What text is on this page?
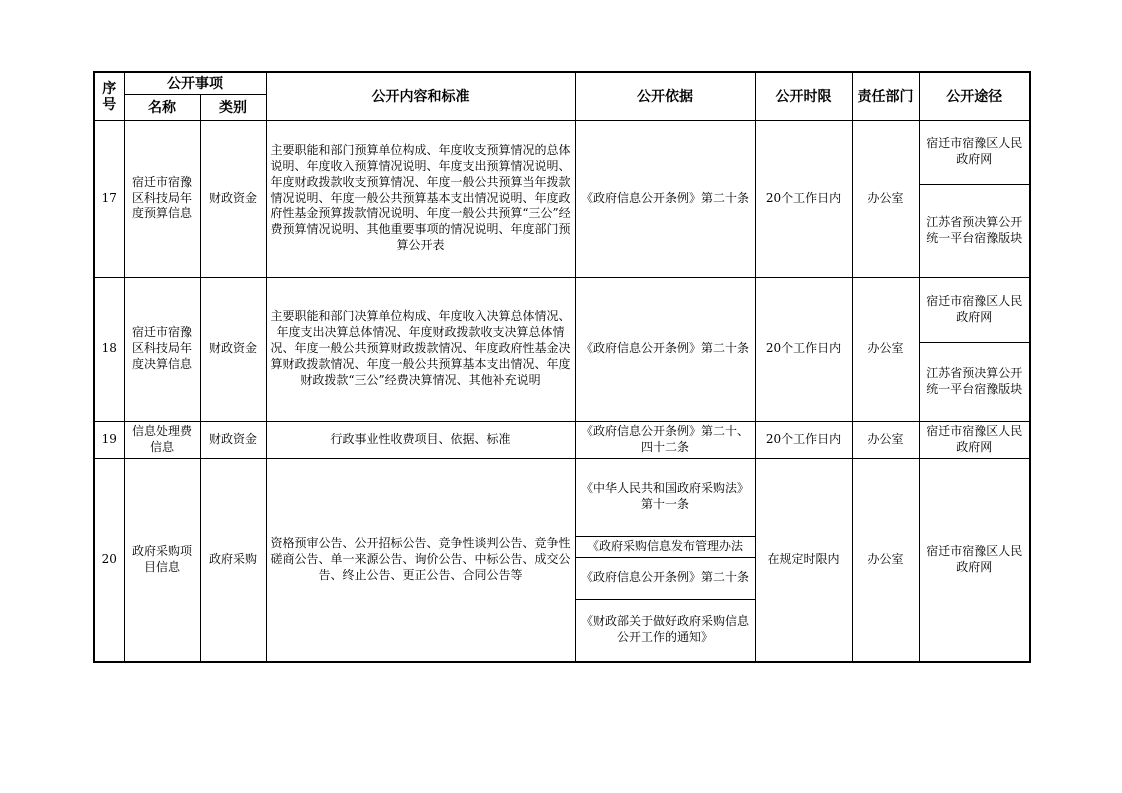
序号	公开事项		公开内容和标准	公开依据	公开时限	责任部门	公开途径
	名称	类别					
17	宿迁市宿豫区科技局年度预算信息	财政资金	主要职能和部门预算单位构成、年度收支预算情况的总体说明、年度收入预算情况说明、年度支出预算情况说明、年度财政拨款收支预算情况、年度一般公共预算当年拨款情况说明、年度一般公共预算基本支出情况说明、年度政府性基金预算拨款情况说明、年度一般公共预算“三公”经费预算情况说明、其他重要事项的情况说明、年度部门预算公开表	《政府信息公开条例》第二十条	20个工作日内	办公室	宿迁市宿豫区人民政府网
							江苏省预决算公开统一平台宿豫版块
18	宿迁市宿豫区科技局年度决算信息	财政资金	主要职能和部门决算单位构成、年度收入决算总体情况、年度支出决算总体情况、年度财政拨款收支决算总体情况、年度一般公共预算财政拨款情况、年度政府性基金决算财政拨款情况、年度一般公共预算基本支出情况、年度财政拨款“三公”经费决算情况、其他补充说明	《政府信息公开条例》第二十条	20个工作日内	办公室	宿迁市宿豫区人民政府网
							江苏省预决算公开统一平台宿豫版块
19	信息处理费信息	财政资金	行政事业性收费项目、依据、标准	《政府信息公开条例》第二十、四十二条	20个工作日内	办公室	宿迁市宿豫区人民政府网
20	政府采购项目信息	政府采购	资格预审公告、公开招标公告、竞争性谈判公告、竞争性磋商公告、单一来源公告、询价公告、中标公告、成交公告、终止公告、更正公告、合同公告等	《中华人民共和国政府采购法》第十一条	在规定时限内	办公室	宿迁市宿豫区人民政府网
				《政府采购信息发布管理办法			
				《政府信息公开条例》第二十条			
				《财政部关于做好政府采购信息公开工作的通知》			
